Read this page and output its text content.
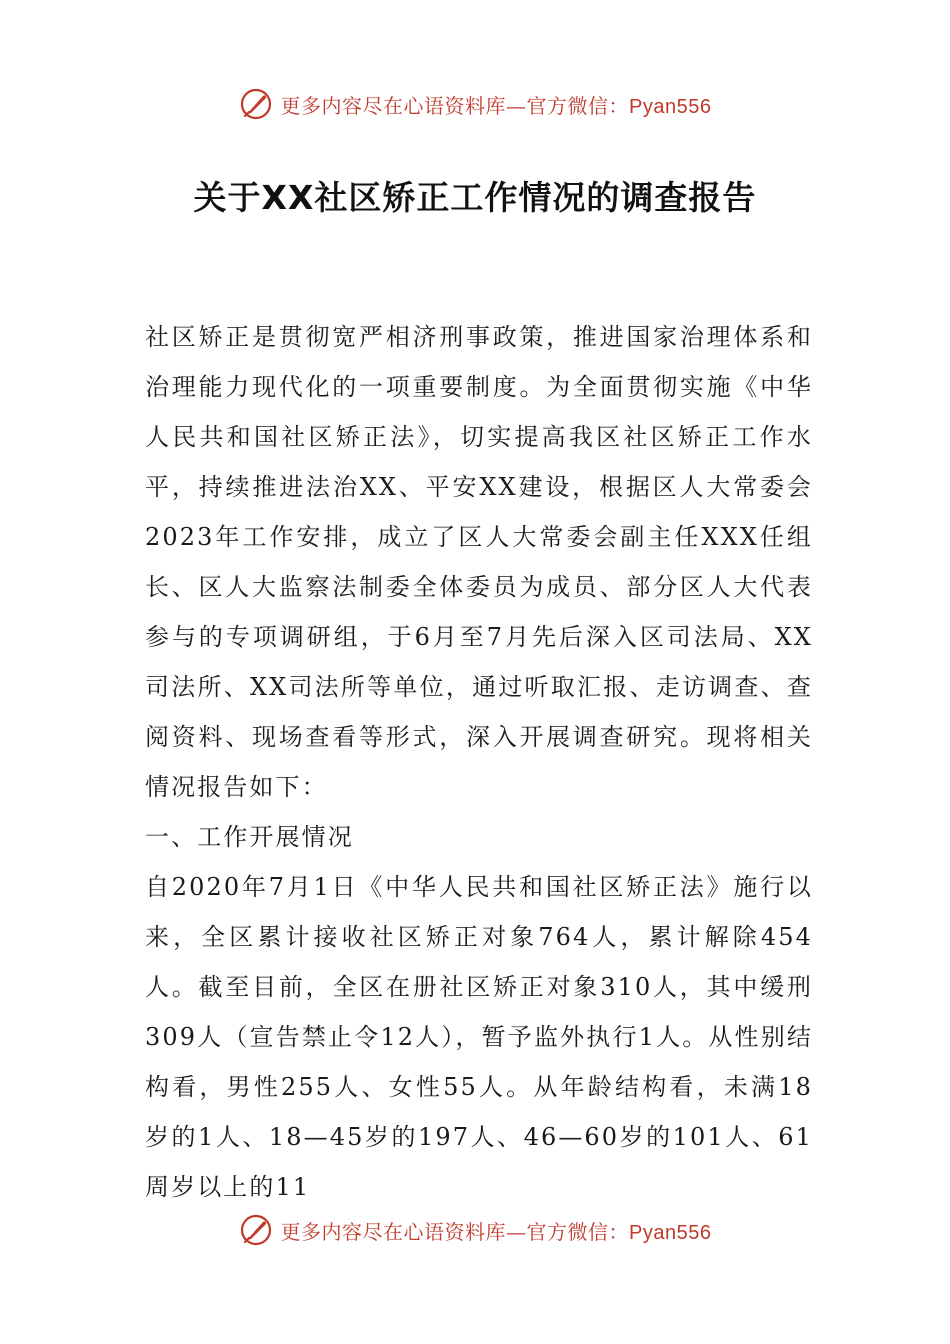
更多内容尽在心语资料库—官方微信：Pyan556
关于XX社区矫正工作情况的调查报告

社区矫正是贯彻宽严相济刑事政策，推进国家治理体系和治理能力现代化的一项重要制度。为全面贯彻实施《中华人民共和国社区矫正法》，切实提高我区社区矫正工作水平，持续推进法治XX、平安XX建设，根据区人大常委会2023年工作安排，成立了区人大常委会副主任XXX任组长、区人大监察法制委全体委员为成员、部分区人大代表参与的专项调研组，于6月至7月先后深入区司法局、XX司法所、XX司法所等单位，通过听取汇报、走访调查、查阅资料、现场查看等形式，深入开展调查研究。现将相关情况报告如下：

一、工作开展情况

自2020年7月1日《中华人民共和国社区矫正法》施行以来，全区累计接收社区矫正对象764人，累计解除454人。截至目前，全区在册社区矫正对象310人，其中缓刑309人（宣告禁止令12人），暂予监外执行1人。从性别结构看，男性255人、女性55人。从年龄结构看，未满18岁的1人、18—45岁的197人、46—60岁的101人、61周岁以上的11

更多内容尽在心语资料库—官方微信：Pyan556
